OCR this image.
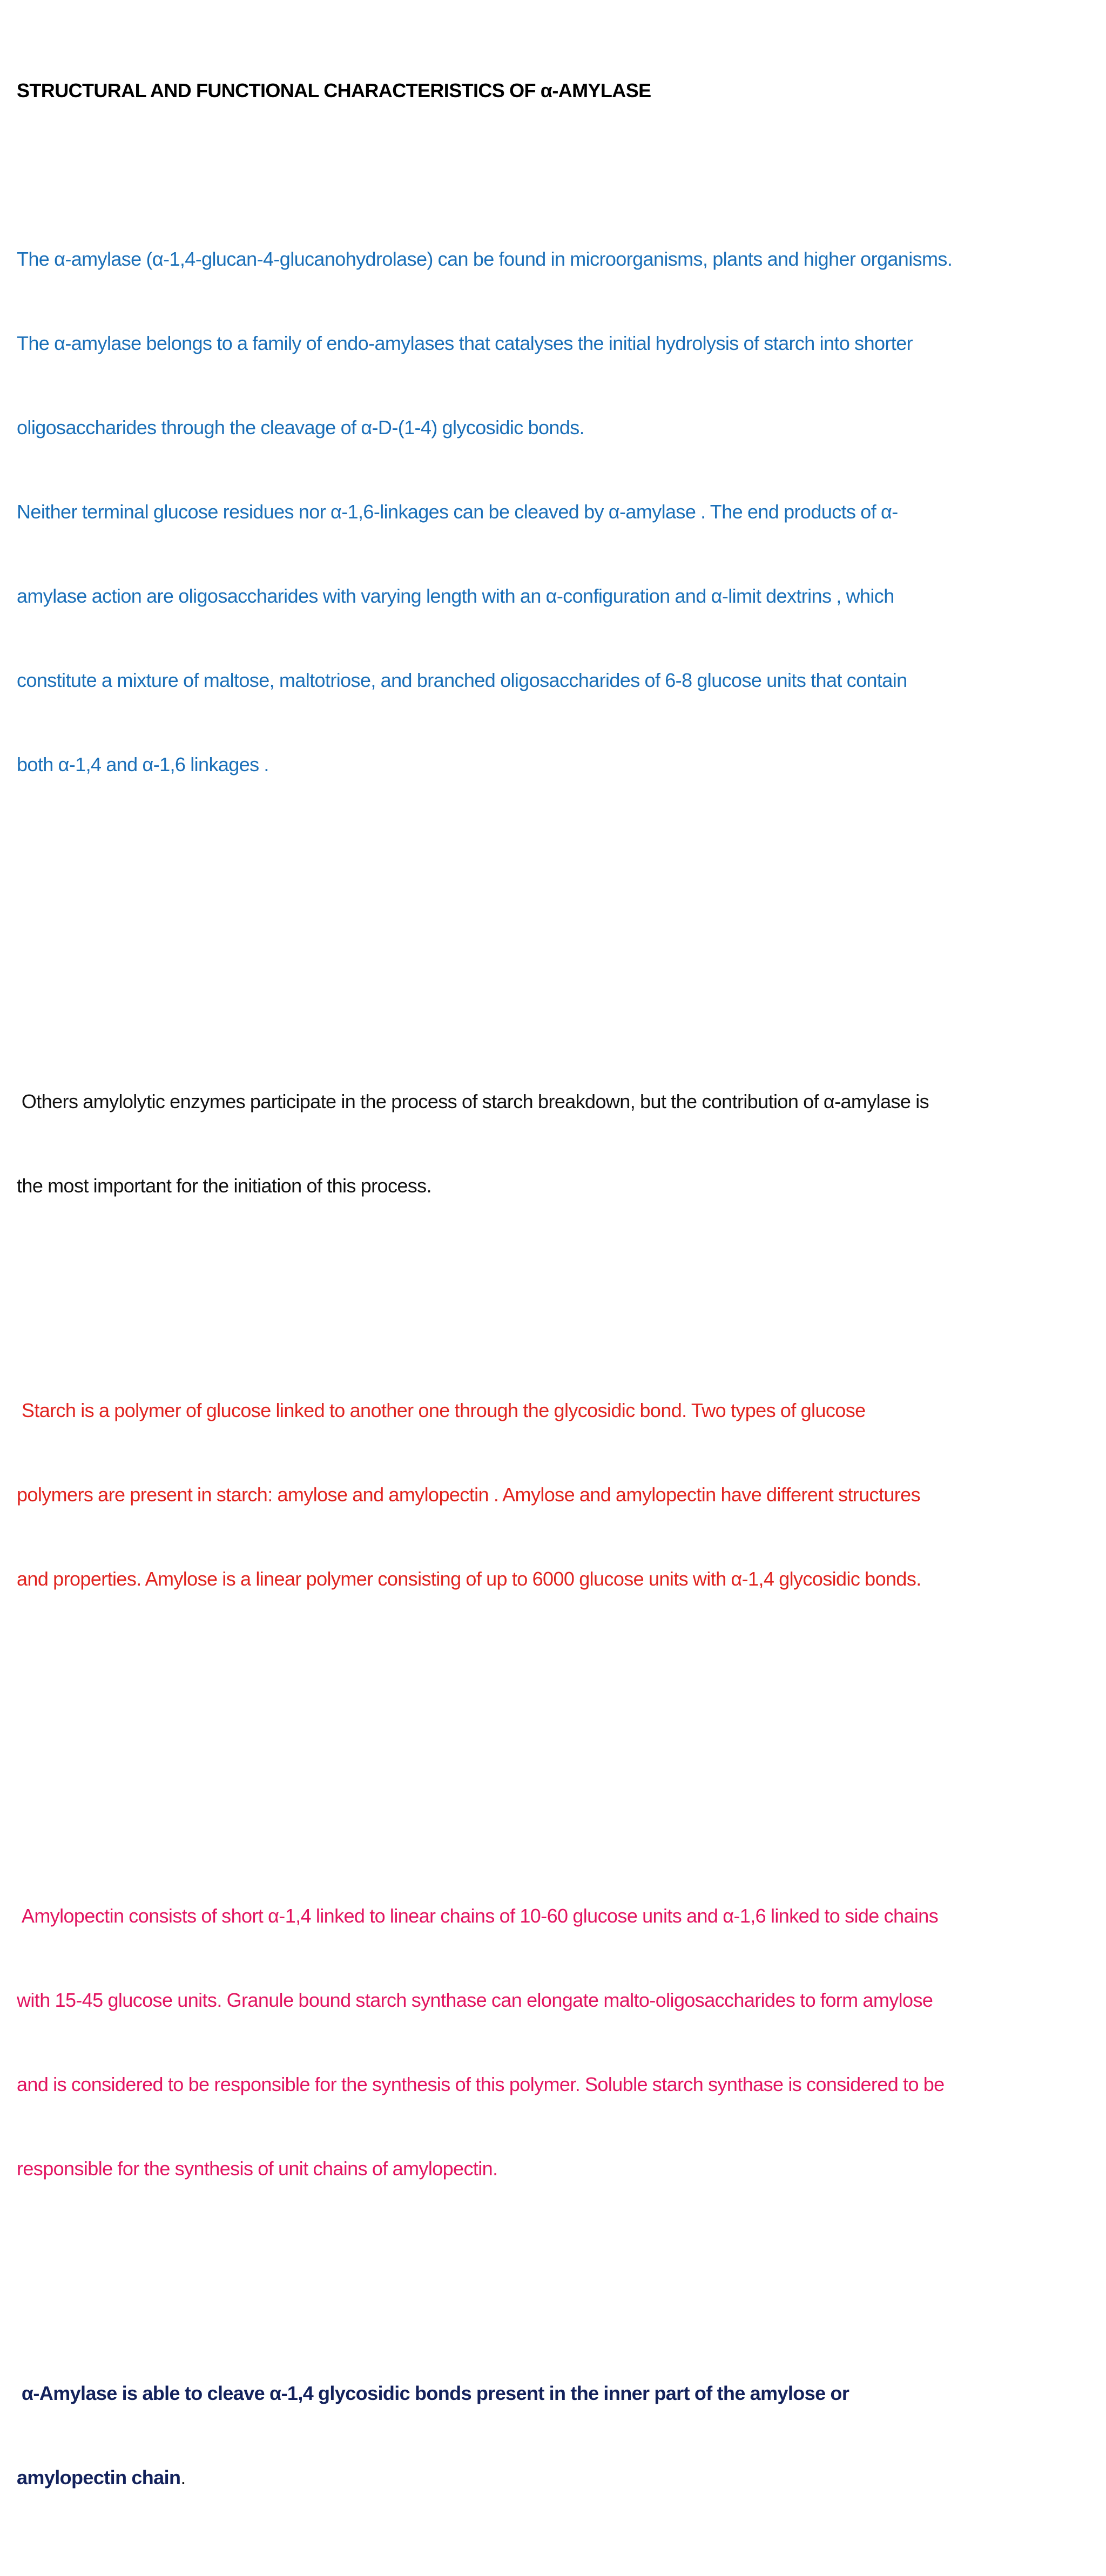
STRUCTURAL AND FUNCTIONAL CHARACTERISTICS OF α-AMYLASE

The α-amylase (α-1,4-glucan-4-glucanohydrolase) can be found in microorganisms, plants and higher organisms.

The α-amylase belongs to a family of endo-amylases that catalyses the initial hydrolysis of starch into shorter

oligosaccharides through the cleavage of α-D-(1-4) glycosidic bonds.

Neither terminal glucose residues nor α-1,6-linkages can be cleaved by α-amylase . The end products of α-

amylase action are oligosaccharides with varying length with an α-configuration and α-limit dextrins , which

constitute a mixture of maltose, maltotriose, and branched oligosaccharides of 6-8 glucose units that contain

both α-1,4 and α-1,6 linkages .

Others amylolytic enzymes participate in the process of starch breakdown, but the contribution of α-amylase is

the most important for the initiation of this process.

Starch is a polymer of glucose linked to another one through the glycosidic bond. Two types of glucose

polymers are present in starch: amylose and amylopectin . Amylose and amylopectin have different structures

and properties. Amylose is a linear polymer consisting of up to 6000 glucose units with α-1,4 glycosidic bonds.

Amylopectin consists of short α-1,4 linked to linear chains of 10-60 glucose units and α-1,6 linked to side chains

with 15-45 glucose units. Granule bound starch synthase can elongate malto-oligosaccharides to form amylose

and is considered to be responsible for the synthesis of this polymer. Soluble starch synthase is considered to be

responsible for the synthesis of unit chains of amylopectin.

α-Amylase is able to cleave α-1,4 glycosidic bonds present in the inner part of the amylose or

amylopectin chain.
